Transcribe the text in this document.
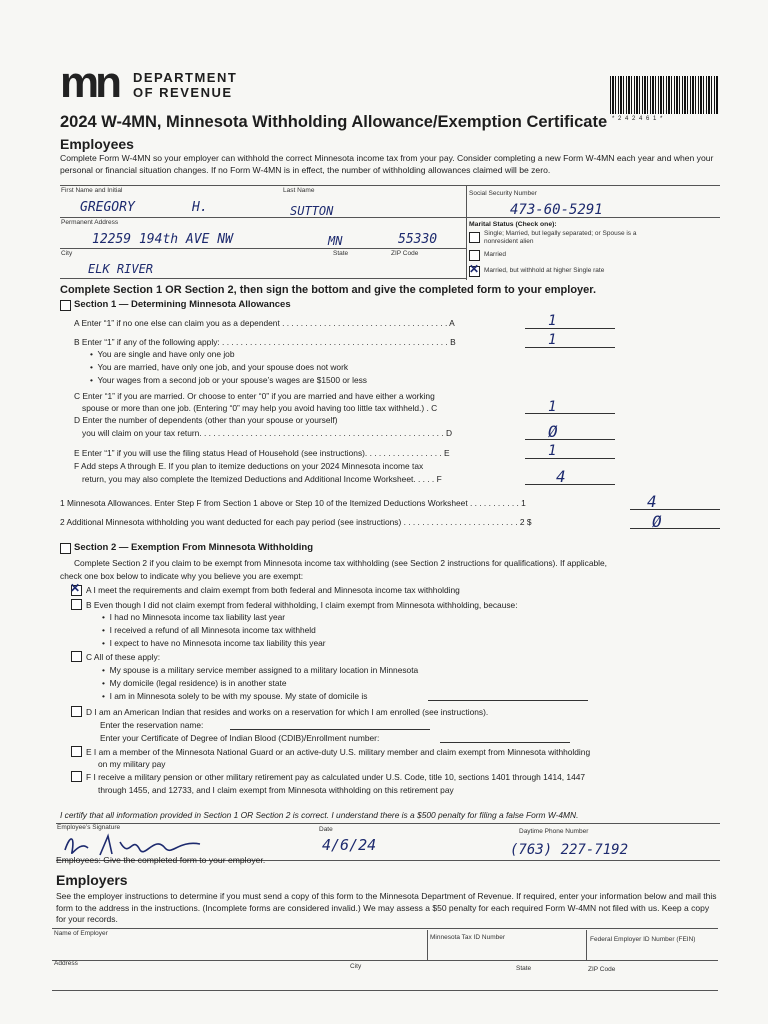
mn DEPARTMENT
OF REVENUE
* 2 4 2 4 6 1 *
2024 W-4MN, Minnesota Withholding Allowance/Exemption Certificate
Employees
Complete Form W-4MN so your employer can withhold the correct Minnesota income tax from your pay. Consider completing a new Form W-4MN each year and when your personal or financial situation changes. If no Form W-4MN is in effect, the number of withholding allowances claimed will be zero.
First Name and Initial	Last Name	Social Security Number
GREGORY	H.	SUTTON	473-60-5291
Permanent Address
12259 194th AVE NW	MN	55330
State	ZIP Code
City
ELK RIVER
Marital Status (Check one):
Single; Married, but legally separated; or Spouse is a nonresident alien
Married
✕ Married, but withhold at higher Single rate
Complete Section 1 OR Section 2, then sign the bottom and give the completed form to your employer.
Section 1 — Determining Minnesota Allowances
A Enter “1” if no one else can claim you as a dependent . . . . . . . . . . . . . . . . . . . . . . . . . . . . . . . . . . . . A	1
B Enter “1” if any of the following apply: . . . . . . . . . . . . . . . . . . . . . . . . . . . . . . . . . . . . . . . . . . . . . . . . . B	1
•  You are single and have only one job
•  You are married, have only one job, and your spouse does not work
•  Your wages from a second job or your spouse’s wages are $1500 or less
C Enter “1” if you are married. Or choose to enter “0” if you are married and have either a working
spouse or more than one job. (Entering “0” may help you avoid having too little tax withheld.) . C	1
D Enter the number of dependents (other than your spouse or yourself)
you will claim on your tax return. . . . . . . . . . . . . . . . . . . . . . . . . . . . . . . . . . . . . . . . . . . . . . . . . . . . . D	Ø
E Enter “1” if you will use the filing status Head of Household (see instructions). . . . . . . . . . . . . . . . . E	1
F Add steps A through E. If you plan to itemize deductions on your 2024 Minnesota income tax
return, you may also complete the Itemized Deductions and Additional Income Worksheet. . . . . F	4
1 Minnesota Allowances. Enter Step F from Section 1 above or Step 10 of the Itemized Deductions Worksheet . . . . . . . . . . . 1	4
2 Additional Minnesota withholding you want deducted for each pay period (see instructions) . . . . . . . . . . . . . . . . . . . . . . . . . 2 $	Ø
Section 2 — Exemption From Minnesota Withholding
Complete Section 2 if you claim to be exempt from Minnesota income tax withholding (see Section 2 instructions for qualifications). If applicable,
check one box below to indicate why you believe you are exempt:
✕ A I meet the requirements and claim exempt from both federal and Minnesota income tax withholding
B Even though I did not claim exempt from federal withholding, I claim exempt from Minnesota withholding, because:
•  I had no Minnesota income tax liability last year
•  I received a refund of all Minnesota income tax withheld
•  I expect to have no Minnesota income tax liability this year
C All of these apply:
•  My spouse is a military service member assigned to a military location in Minnesota
•  My domicile (legal residence) is in another state
•  I am in Minnesota solely to be with my spouse. My state of domicile is
D I am an American Indian that resides and works on a reservation for which I am enrolled (see instructions).
Enter the reservation name:
Enter your Certificate of Degree of Indian Blood (CDIB)/Enrollment number:
E I am a member of the Minnesota National Guard or an active-duty U.S. military member and claim exempt from Minnesota withholding
on my military pay
F I receive a military pension or other military retirement pay as calculated under U.S. Code, title 10, sections 1401 through 1414, 1447
through 1455, and 12733, and I claim exempt from Minnesota withholding on this retirement pay
I certify that all information provided in Section 1 OR Section 2 is correct. I understand there is a $500 penalty for filing a false Form W-4MN.
Employee’s Signature	Date	Daytime Phone Number
4/6/24	(763) 227-7192
Employees: Give the completed form to your employer.
Employers
See the employer instructions to determine if you must send a copy of this form to the Minnesota Department of Revenue. If required, enter your information below and mail this form to the address in the instructions. (Incomplete forms are considered invalid.) We may assess a $50 penalty for each required Form W-4MN not filed with us. Keep a copy for your records.
Name of Employer
Minnesota Tax ID Number	Federal Employer ID Number (FEIN)
Address	City	State	ZIP Code
